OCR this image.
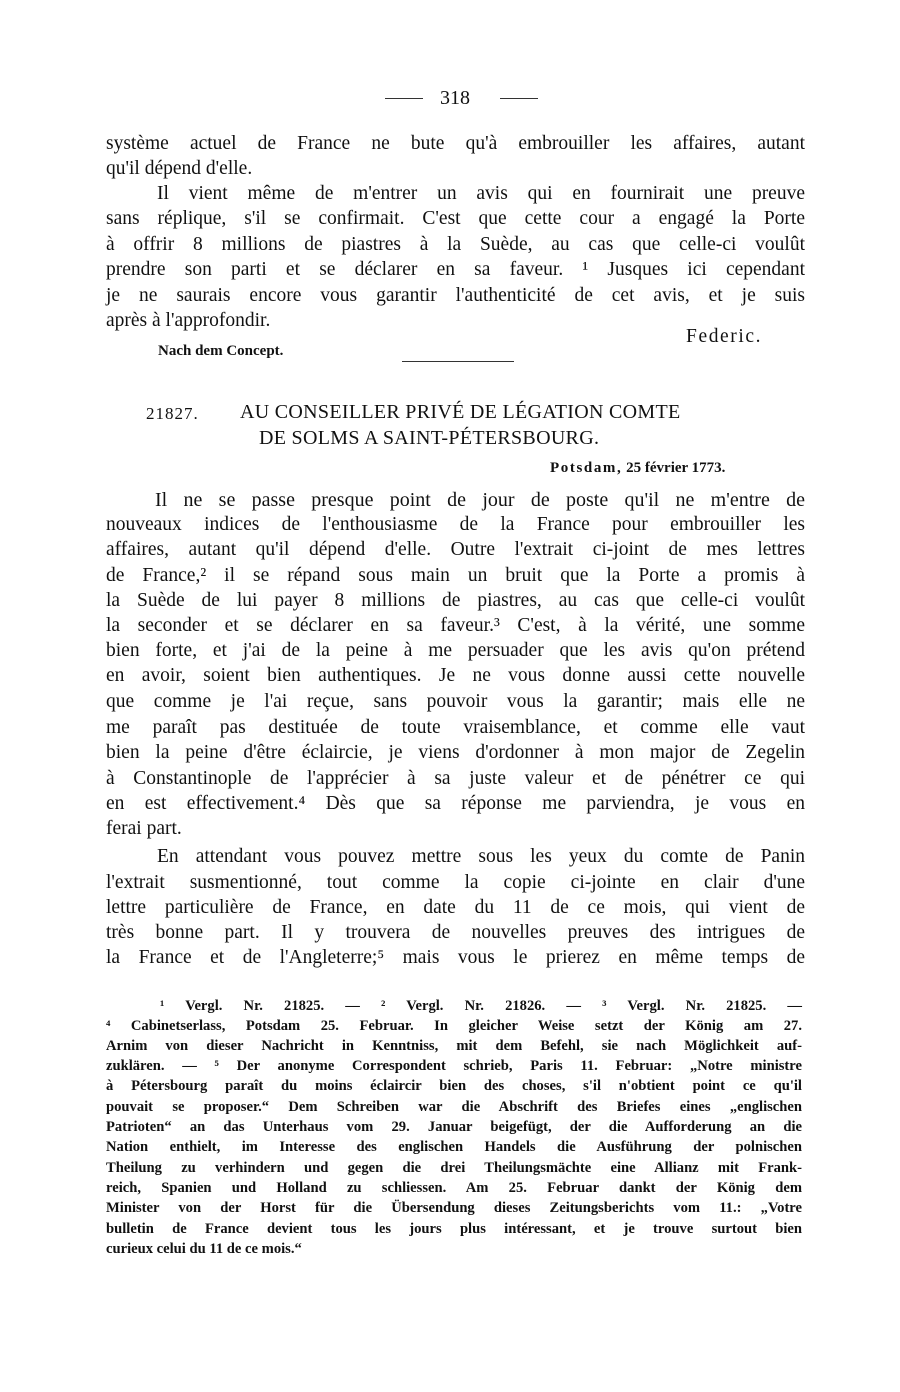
318

système actuel de France ne bute qu'à embrouiller les affaires, autant

qu'il dépend d'elle.

Il vient même de m'entrer un avis qui en fournirait une preuve

sans réplique, s'il se confirmait. C'est que cette cour a engagé la Porte

à offrir 8 millions de piastres à la Suède, au cas que celle-ci voulût

prendre son parti et se déclarer en sa faveur. ¹ Jusques ici cependant

je ne saurais encore vous garantir l'authenticité de cet avis, et je suis

après à l'approfondir.

Federic.

Nach dem Concept.

21827. AU CONSEILLER PRIVÉ DE LÉGATION COMTE

DE SOLMS A SAINT-PÉTERSBOURG.

Potsdam, 25 février 1773.

Il ne se passe presque point de jour de poste qu'il ne m'entre de

nouveaux indices de l'enthousiasme de la France pour embrouiller les

affaires, autant qu'il dépend d'elle. Outre l'extrait ci-joint de mes lettres

de France,² il se répand sous main un bruit que la Porte a promis à

la Suède de lui payer 8 millions de piastres, au cas que celle-ci voulût

la seconder et se déclarer en sa faveur.³ C'est, à la vérité, une somme

bien forte, et j'ai de la peine à me persuader que les avis qu'on prétend

en avoir, soient bien authentiques. Je ne vous donne aussi cette nouvelle

que comme je l'ai reçue, sans pouvoir vous la garantir; mais elle ne

me paraît pas destituée de toute vraisemblance, et comme elle vaut

bien la peine d'être éclaircie, je viens d'ordonner à mon major de Zegelin

à Constantinople de l'apprécier à sa juste valeur et de pénétrer ce qui

en est effectivement.⁴ Dès que sa réponse me parviendra, je vous en

ferai part.

En attendant vous pouvez mettre sous les yeux du comte de Panin

l'extrait susmentionné, tout comme la copie ci-jointe en clair d'une

lettre particulière de France, en date du 11 de ce mois, qui vient de

très bonne part. Il y trouvera de nouvelles preuves des intrigues de

la France et de l'Angleterre;⁵ mais vous le prierez en même temps de

¹ Vergl. Nr. 21825. — ² Vergl. Nr. 21826. — ³ Vergl. Nr. 21825. —

⁴ Cabinetserlass, Potsdam 25. Februar. In gleicher Weise setzt der König am 27.

Arnim von dieser Nachricht in Kenntniss, mit dem Befehl, sie nach Möglichkeit auf-

zuklären. — ⁵ Der anonyme Correspondent schrieb, Paris 11. Februar: „Notre ministre

à Pétersbourg paraît du moins éclaircir bien des choses, s'il n'obtient point ce qu'il

pouvait se proposer.“ Dem Schreiben war die Abschrift des Briefes eines „englischen

Patrioten“ an das Unterhaus vom 29. Januar beigefügt, der die Aufforderung an die

Nation enthielt, im Interesse des englischen Handels die Ausführung der polnischen

Theilung zu verhindern und gegen die drei Theilungsmächte eine Allianz mit Frank-

reich, Spanien und Holland zu schliessen. Am 25. Februar dankt der König dem

Minister von der Horst für die Übersendung dieses Zeitungsberichts vom 11.: „Votre

bulletin de France devient tous les jours plus intéressant, et je trouve surtout bien

curieux celui du 11 de ce mois.“
